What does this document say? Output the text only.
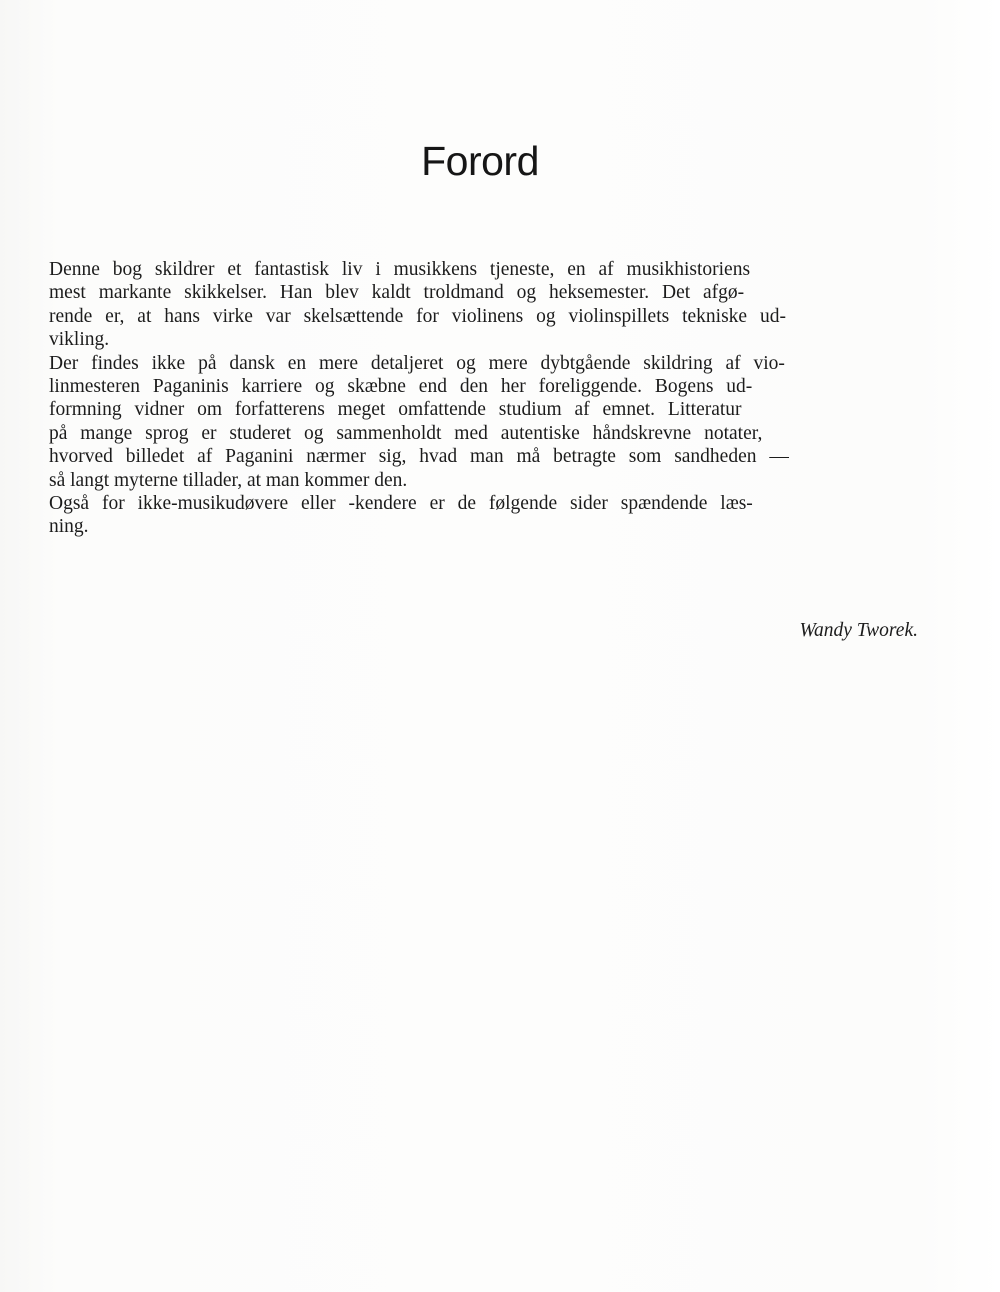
Forord
Denne bog skildrer et fantastisk liv i musikkens tjeneste, en af musikhistoriens
mest markante skikkelser. Han blev kaldt troldmand og heksemester. Det afgø-
rende er, at hans virke var skelsættende for violinens og violinspillets tekniske ud-
vikling.
Der findes ikke på dansk en mere detaljeret og mere dybtgående skildring af vio-
linmesteren Paganinis karriere og skæbne end den her foreliggende. Bogens ud-
formning vidner om forfatterens meget omfattende studium af emnet. Litteratur
på mange sprog er studeret og sammenholdt med autentiske håndskrevne notater,
hvorved billedet af Paganini nærmer sig, hvad man må betragte som sandheden —
så langt myterne tillader, at man kommer den.
Også for ikke-musikudøvere eller -kendere er de følgende sider spændende læs-
ning.
Wandy Tworek.
